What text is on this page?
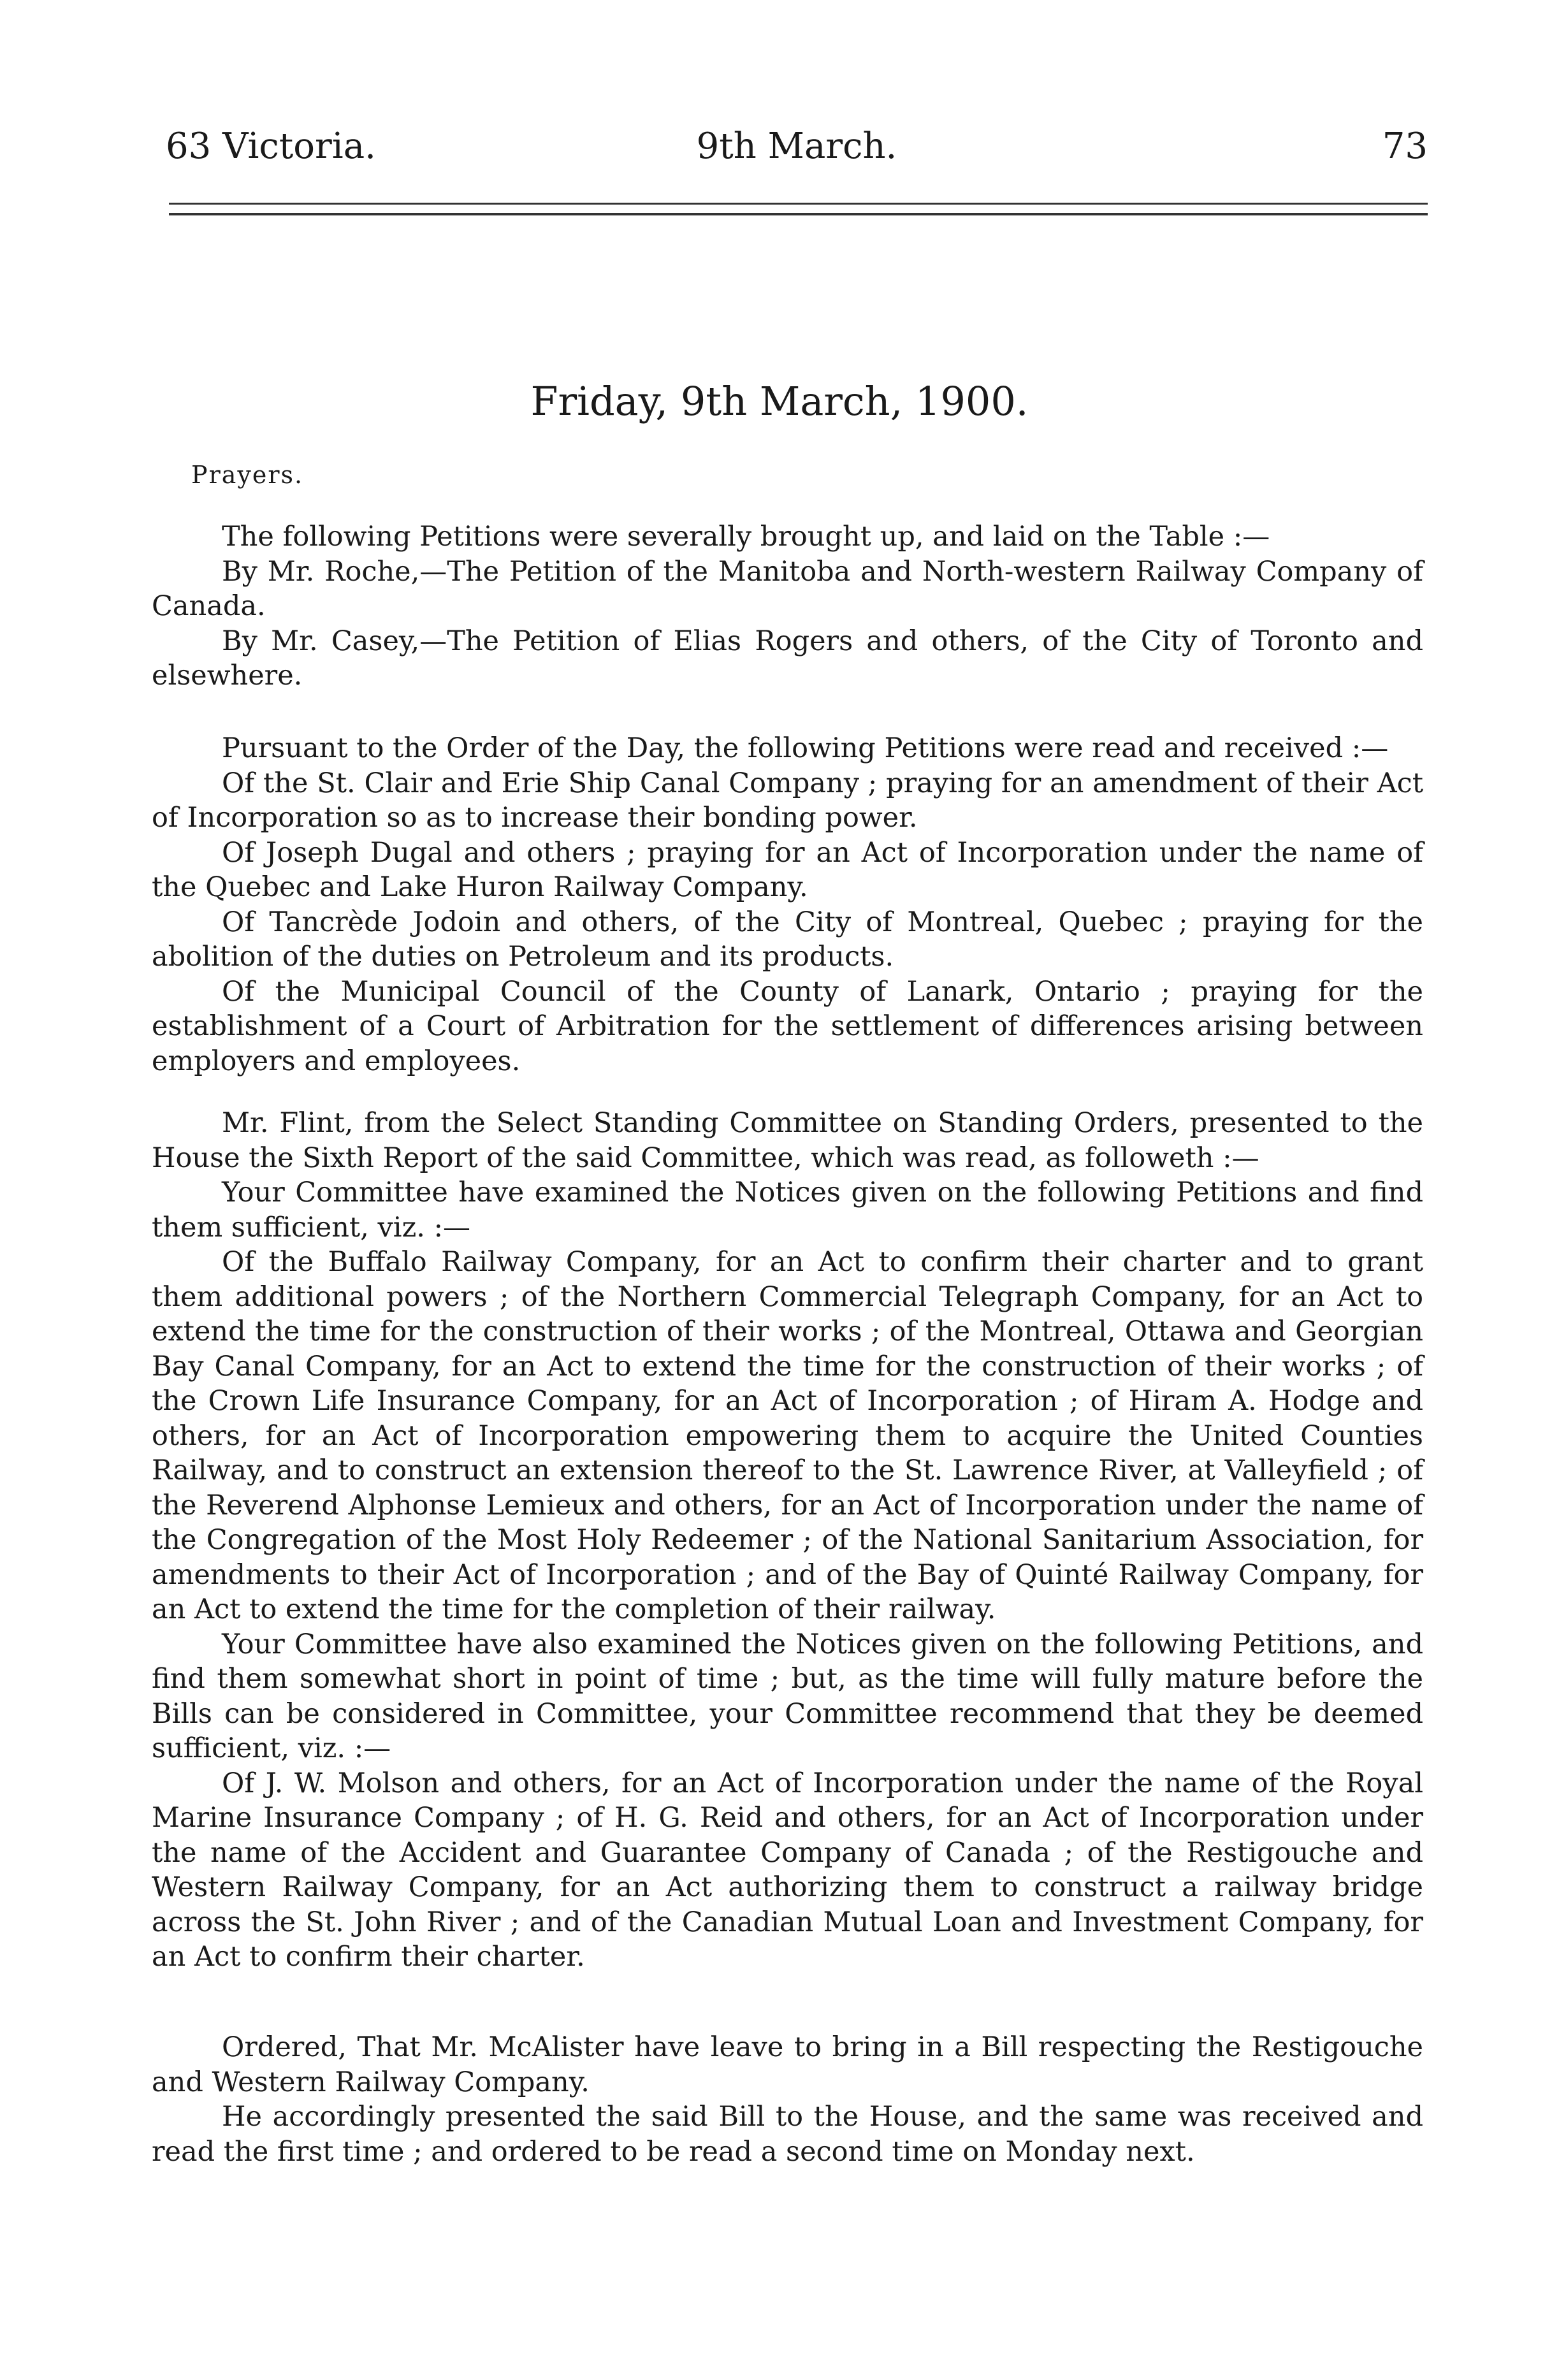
63 Victoria.	9th March.	73
Friday, 9th March, 1900.
Prayers.

The following Petitions were severally brought up, and laid on the Table :—

By Mr. Roche,—The Petition of the Manitoba and North-western Railway Company of Canada.

By Mr. Casey,—The Petition of Elias Rogers and others, of the City of Toronto and elsewhere.

Pursuant to the Order of the Day, the following Petitions were read and received :—

Of the St. Clair and Erie Ship Canal Company ; praying for an amendment of their Act of Incorporation so as to increase their bonding power.

Of Joseph Dugal and others ; praying for an Act of Incorporation under the name of the Quebec and Lake Huron Railway Company.

Of Tancrède Jodoin and others, of the City of Montreal, Quebec ; praying for the abolition of the duties on Petroleum and its products.

Of the Municipal Council of the County of Lanark, Ontario ; praying for the establishment of a Court of Arbitration for the settlement of differences arising between employers and employees.

Mr. Flint, from the Select Standing Committee on Standing Orders, presented to the House the Sixth Report of the said Committee, which was read, as followeth :—

Your Committee have examined the Notices given on the following Petitions and find them sufficient, viz. :—

Of the Buffalo Railway Company, for an Act to confirm their charter and to grant them additional powers ; of the Northern Commercial Telegraph Company, for an Act to extend the time for the construction of their works ; of the Montreal, Ottawa and Georgian Bay Canal Company, for an Act to extend the time for the construction of their works ; of the Crown Life Insurance Company, for an Act of Incorporation ; of Hiram A. Hodge and others, for an Act of Incorporation empowering them to acquire the United Counties Railway, and to construct an extension thereof to the St. Lawrence River, at Valleyfield ; of the Reverend Alphonse Lemieux and others, for an Act of Incorporation under the name of the Congregation of the Most Holy Redeemer ; of the National Sanitarium Association, for amendments to their Act of Incorporation ; and of the Bay of Quinté Railway Company, for an Act to extend the time for the completion of their railway.

Your Committee have also examined the Notices given on the following Petitions, and find them somewhat short in point of time ; but, as the time will fully mature before the Bills can be considered in Committee, your Committee recommend that they be deemed sufficient, viz. :—

Of J. W. Molson and others, for an Act of Incorporation under the name of the Royal Marine Insurance Company ; of H. G. Reid and others, for an Act of Incorporation under the name of the Accident and Guarantee Company of Canada ; of the Restigouche and Western Railway Company, for an Act authorizing them to construct a railway bridge across the St. John River ; and of the Canadian Mutual Loan and Investment Company, for an Act to confirm their charter.

Ordered, That Mr. McAlister have leave to bring in a Bill respecting the Restigouche and Western Railway Company.

He accordingly presented the said Bill to the House, and the same was received and read the first time ; and ordered to be read a second time on Monday next.
